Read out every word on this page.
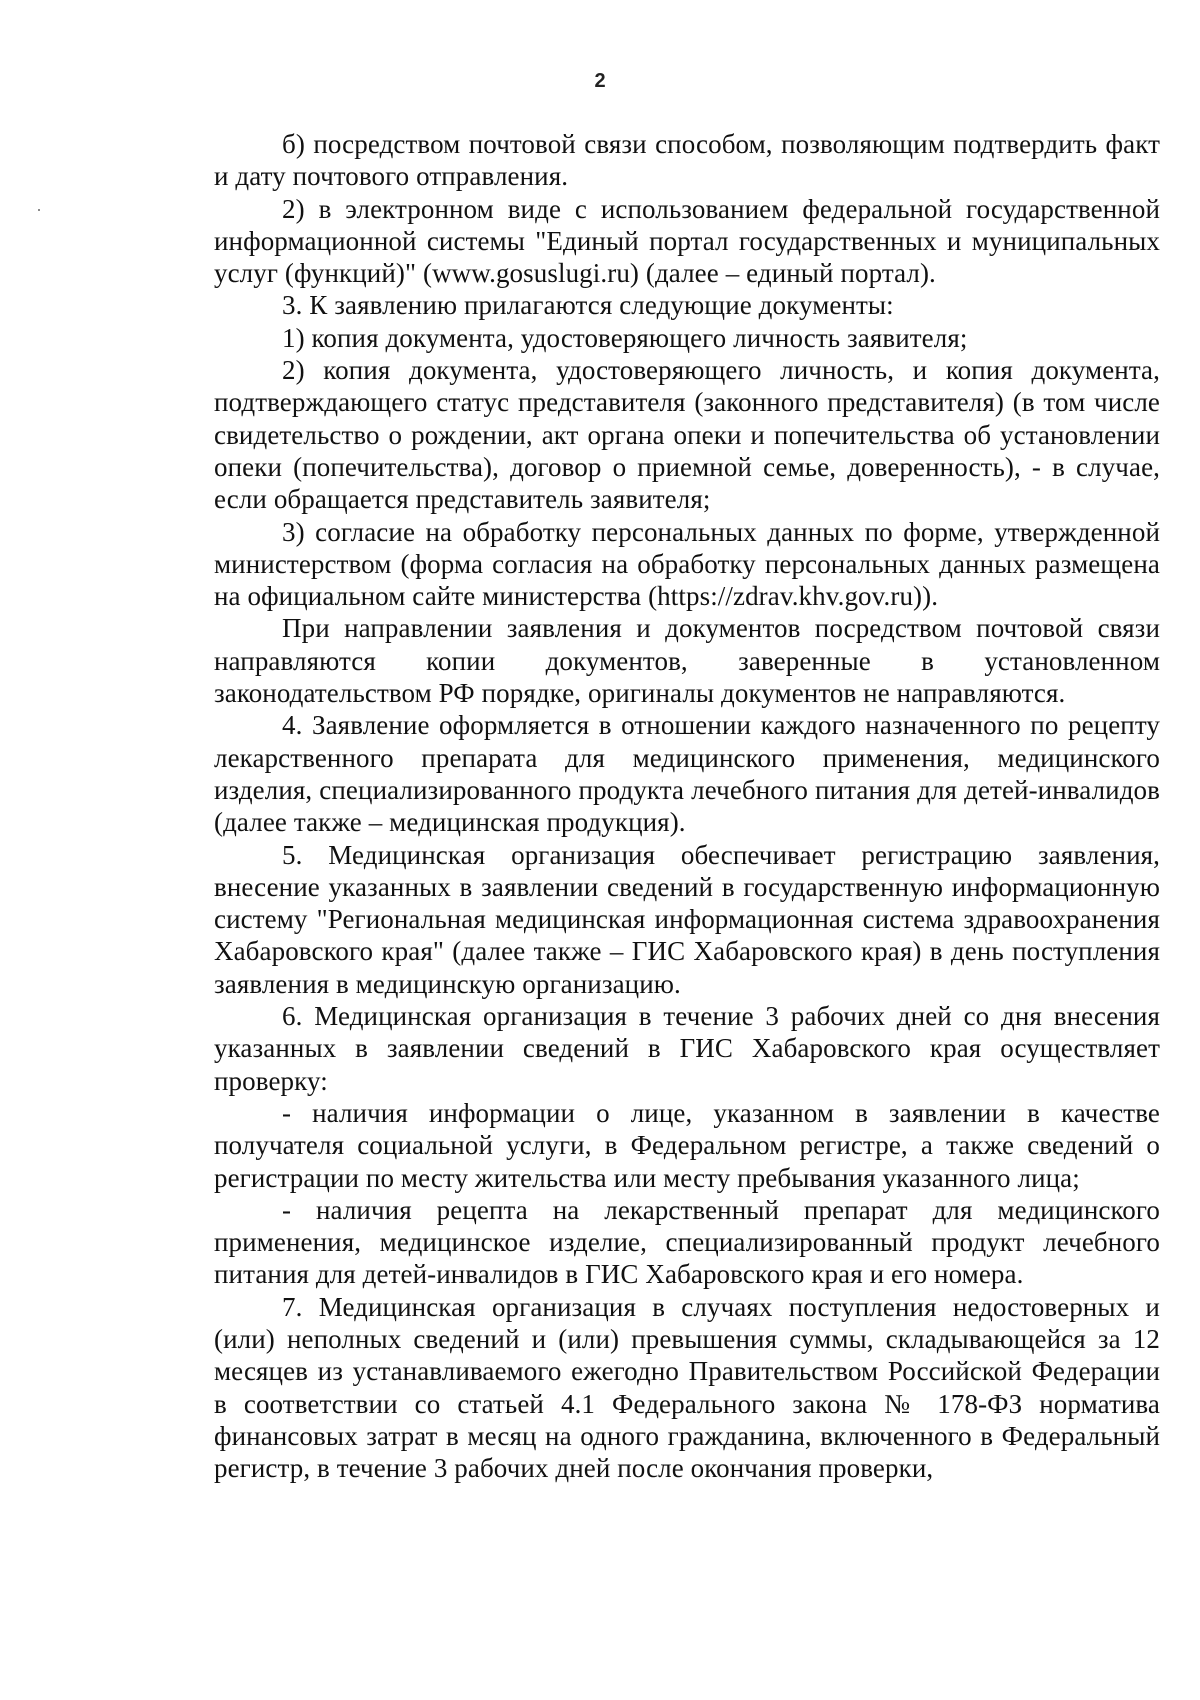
2

б) посредством почтовой связи способом, позволяющим подтвердить факт и дату почтового отправления.

2) в электронном виде с использованием федеральной государственной информационной системы "Единый портал государственных и муниципальных услуг (функций)" (www.gosuslugi.ru) (далее – единый портал).

3. К заявлению прилагаются следующие документы:

1) копия документа, удостоверяющего личность заявителя;

2) копия документа, удостоверяющего личность, и копия документа, подтверждающего статус представителя (законного представителя) (в том числе свидетельство о рождении, акт органа опеки и попечительства об установлении опеки (попечительства), договор о приемной семье, доверенность), - в случае, если обращается представитель заявителя;

3) согласие на обработку персональных данных по форме, утвержденной министерством (форма согласия на обработку персональных данных размещена на официальном сайте министерства (https://zdrav.khv.gov.ru)).

При направлении заявления и документов посредством почтовой связи направляются копии документов, заверенные в установленном законодательством РФ порядке, оригиналы документов не направляются.

4. Заявление оформляется в отношении каждого назначенного по рецепту лекарственного препарата для медицинского применения, медицинского изделия, специализированного продукта лечебного питания для детей-инвалидов (далее также – медицинская продукция).

5. Медицинская организация обеспечивает регистрацию заявления, внесение указанных в заявлении сведений в государственную информационную систему "Региональная медицинская информационная система здравоохранения Хабаровского края" (далее также – ГИС Хабаровского края) в день поступления заявления в медицинскую организацию.

6. Медицинская организация в течение 3 рабочих дней со дня внесения указанных в заявлении сведений в ГИС Хабаровского края осуществляет проверку:

- наличия информации о лице, указанном в заявлении в качестве получателя социальной услуги, в Федеральном регистре, а также сведений о регистрации по месту жительства или месту пребывания указанного лица;

- наличия рецепта на лекарственный препарат для медицинского применения, медицинское изделие, специализированный продукт лечебного питания для детей-инвалидов в ГИС Хабаровского края и его номера.

7. Медицинская организация в случаях поступления недостоверных и (или) неполных сведений и (или) превышения суммы, складывающейся за 12 месяцев из устанавливаемого ежегодно Правительством Российской Федерации в соответствии со статьей 4.1 Федерального закона № 178-ФЗ норматива финансовых затрат в месяц на одного гражданина, включенного в Федеральный регистр, в течение 3 рабочих дней после окончания проверки,
